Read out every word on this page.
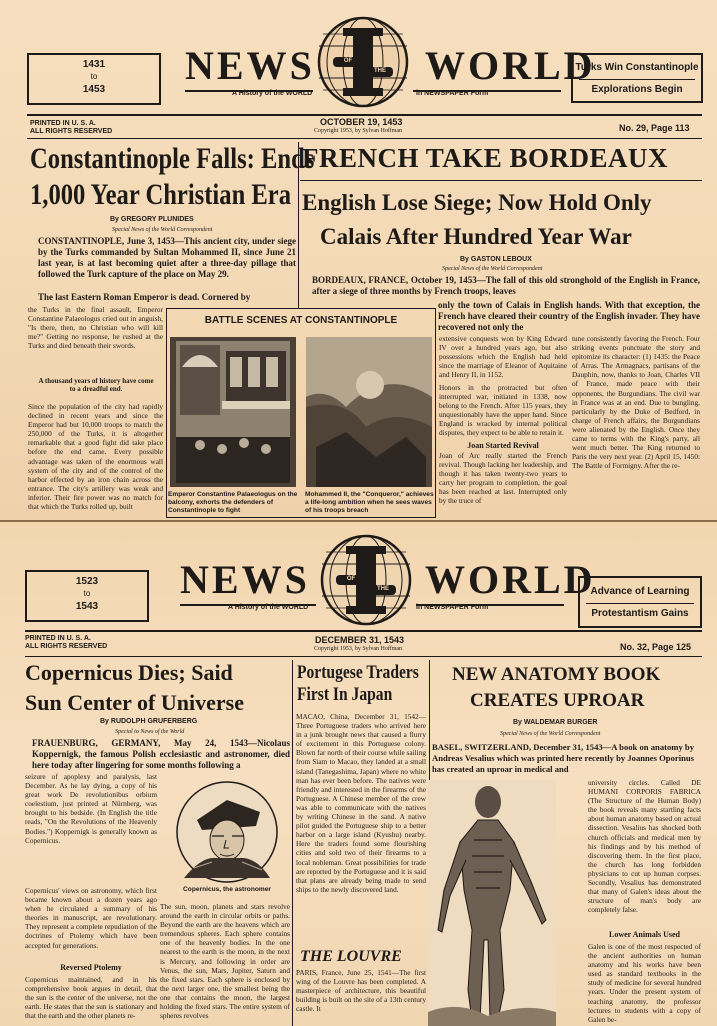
1431
to
1453
NEWS	WORLD
OF
THE
A History of the WORLD	in NEWSPAPER Form
Turks Win Constantinople
Explorations Begin
PRINTED IN U. S. A.
ALL RIGHTS RESERVED
OCTOBER 19, 1453
Copyright 1953, by Sylvan Hoffman	No. 29, Page 113
Constantinople Falls: Ends
1,000 Year Christian Era
By GREGORY PLUNIDES
Special News of the World Correspondent
CONSTANTINOPLE, June 3, 1453—This ancient city, under siege by the Turks commanded by Sultan Mohammed II, since June 21 last year, is at last becoming quiet after a three-day pillage that followed the Turk capture of the place on May 29.
The last Eastern Roman Emperor is dead. Cornered by
the Turks in the final assault, Emperor Constantine Palaeologus cried out in anguish, "Is there, then, no Christian who will kill me?" Getting no response, he rushed at the Turks and died beneath their swords.
A thousand years of history have come to a dreadful end.
Since the population of the city had rapidly declined in recent years and since the Emperor had but 10,000 troops to match the 250,000 of the Turks, it is altogether remarkable that a good fight did take place before the end came. Every possible advantage was taken of the enormous wall system of the city and of the control of the harbor effected by an iron chain across the entrance. The city's artillery was weak and inferior. Their fire power was no match for that which the Turks rolled up, built
BATTLE SCENES AT CONSTANTINOPLE
Emperor Constantine Palaeologus on the balcony, exhorts the defenders of Constantinople to fight
Mohammed II, the "Conqueror," achieves a life-long ambition when he sees waves of his troops breach
FRENCH TAKE BORDEAUX
English Lose Siege; Now Hold Only
Calais After Hundred Year War
By GASTON LEBOUX
Special News of the World Correspondent
BORDEAUX, FRANCE, October 19, 1453—The fall of this old stronghold of the English in France, after a siege of three months by French troops, leaves
only the town of Calais in English hands. With that exception, the French have cleared their country of the English invader. They have recovered not only the
extensive conquests won by King Edward IV over a hundred years ago, but also possessions which the English had held since the marriage of Eleanor of Aquitaine and Henry II, in 1152.
Honors in the protracted but often interrupted war, initiated in 1338, now belong to the French. After 115 years, they unquestionably have the upper hand. Since England is wracked by internal political disputes, they expect to be able to retain it.
Joan Started Revival
Joan of Arc really started the French revival. Though lacking her leadership, and though it has taken twenty-two years to carry her program to completion, the goal has been reached at last. Interrupted only by the truce of
tune consistently favoring the French. Four striking events punctuate the story and epitomize its character: (1) 1435: the Peace of Arras. The Armagnacs, partisans of the Dauphin, now, thanks to Joan, Charles VII of France, made peace with their opponents, the Burgundians. The civil war in France was at an end. Due to bungling, particularly by the Duke of Bedford, in charge of French affairs, the Burgundians were alienated by the English. Once they came to terms with the King's party, all went much better. The King returned to Paris the very next year. (2) April 15, 1450: The Battle of Formigny. After the re-
1523
to
1543
NEWS	WORLD
OF
THE
A History of the WORLD	in NEWSPAPER Form
Advance of Learning
Protestantism Gains
PRINTED IN U. S. A.
ALL RIGHTS RESERVED
DECEMBER 31, 1543
Copyright 1953, by Sylvan Hoffman	No. 32, Page 125
Copernicus Dies; Said
Sun Center of Universe
By RUDOLPH GRUFERBERG
Special to News of the World
FRAUENBURG, GERMANY, May 24, 1543—Nicolaus Koppernigk, the famous Polish ecclesiastic and astronomer, died here today after lingering for some months following a
seizure of apoplexy and paralysis, last December. As he lay dying, a copy of his great work De revolutionibus orbium coelestium, just printed at Nürnberg, was brought to his bedside. (In English the title reads, "On the Revolutions of the Heavenly Bodies.") Koppernigk is generally known as Copernicus.
Copernicus, the astronomer
Copernicus' views on astronomy, which first became known about a dozen years ago when he circulated a summary of his theories in manuscript, are revolutionary. They represent a complete repudiation of the doctrines of Ptolemy which have been accepted for generations.
Reversed Ptolemy
Copernicus maintained, and in his comprehensive book argues in detail, that the sun is the center of the universe, not the earth. He states that the sun is stationary and that the earth and the other planets re-
The sun, moon, planets and stars revolve around the earth in circular orbits or paths. Beyond the earth are the heavens which are tremendous spheres. Each sphere contains one of the heavenly bodies. In the one nearest to the earth is the moon, in the next is Mercury, and following in order are Venus, the sun, Mars, Jupiter, Saturn and the fixed stars. Each sphere is enclosed by the next larger one, the smallest being the one that contains the moon, the largest holding the fixed stars. The entire system of spheres revolves
Portugese Traders
First In Japan
MACAO, China, December 31, 1542—Three Portuguese traders who arrived here in a junk brought news that caused a flurry of excitement in this Portuguese colony. Blown far north of their course while sailing from Siam to Macao, they landed at a small island (Tanegashima, Japan) where no white man has ever been before. The natives were friendly and interested in the firearms of the Portuguese. A Chinese member of the crew was able to communicate with the natives by writing Chinese in the sand. A native pilot guided the Portuguese ship to a better harbor on a large island (Kyushu) nearby. Here the traders found some flourishing cities and sold two of their firearms to a local nobleman. Great possibilities for trade are reported by the Portuguese and it is said that plans are already being made to send ships to the newly discovered land.
THE LOUVRE
PARIS, France, June 25, 1541—The first wing of the Louvre has been completed. A masterpiece of architecture, this beautiful building is built on the site of a 13th century castle. It
NEW ANATOMY BOOK
CREATES UPROAR
By WALDEMAR BURGER
Special News of the World Correspondent
BASEL, SWITZERLAND, December 31, 1543—A book on anatomy by Andreas Vesalius which was printed here recently by Joannes Oporinus has created an uproar in medical and
university circles. Called DE HUMANI CORPORIS FABRICA (The Structure of the Human Body) the book reveals many startling facts about human anatomy based on actual dissection. Vesalius has shocked both church officials and medical men by his findings and by his method of discovering them. In the first place, the church has long forbidden physicians to cut up human corpses. Secondly, Vesalius has demonstrated that many of Galen's ideas about the structure of man's body are completely false.
Lower Animals Used
Galen is one of the most respected of the ancient authorities on human anatomy and his works have been used as standard textbooks in the study of medicine for several hundred years. Under the present system of teaching anatomy, the professor lectures to students with a copy of Galen be-
